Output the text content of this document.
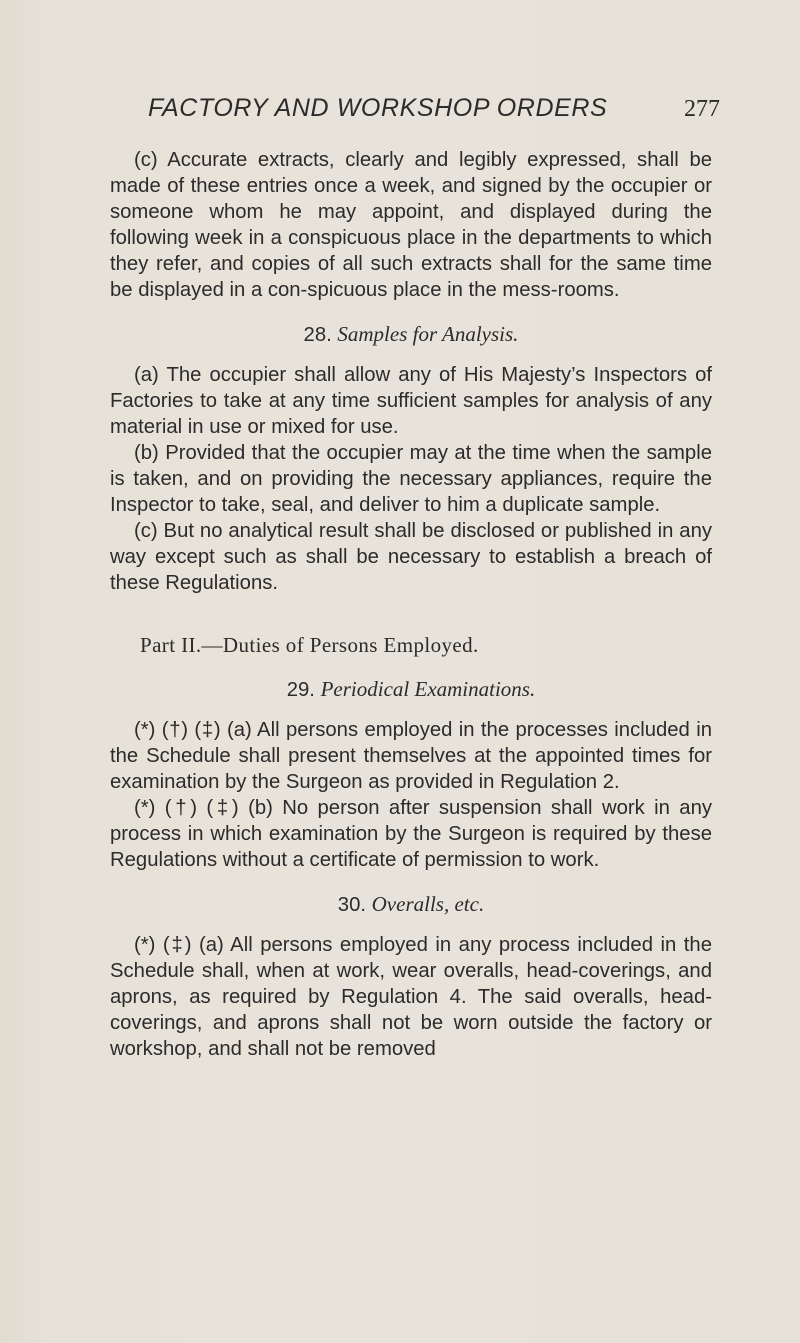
FACTORY AND WORKSHOP ORDERS	277

(c) Accurate extracts, clearly and legibly expressed, shall be made of these entries once a week, and signed by the occupier or someone whom he may appoint, and displayed during the following week in a conspicuous place in the departments to which they refer, and copies of all such extracts shall for the same time be displayed in a con-spicuous place in the mess-rooms.

28. Samples for Analysis.

(a) The occupier shall allow any of His Majesty’s Inspectors of Factories to take at any time sufficient samples for analysis of any material in use or mixed for use.

(b) Provided that the occupier may at the time when the sample is taken, and on providing the necessary appliances, require the Inspector to take, seal, and deliver to him a duplicate sample.

(c) But no analytical result shall be disclosed or published in any way except such as shall be necessary to establish a breach of these Regulations.

Part II.—Duties of Persons Employed.

29. Periodical Examinations.

(*) (†) (‡) (a) All persons employed in the processes included in the Schedule shall present themselves at the appointed times for examination by the Surgeon as provided in Regulation 2.

(*) (†) (‡) (b) No person after suspension shall work in any process in which examination by the Surgeon is required by these Regulations without a certificate of permission to work.

30. Overalls, etc.

(*) (‡) (a) All persons employed in any process included in the Schedule shall, when at work, wear overalls, head-coverings, and aprons, as required by Regulation 4. The said overalls, head-coverings, and aprons shall not be worn outside the factory or workshop, and shall not be removed
